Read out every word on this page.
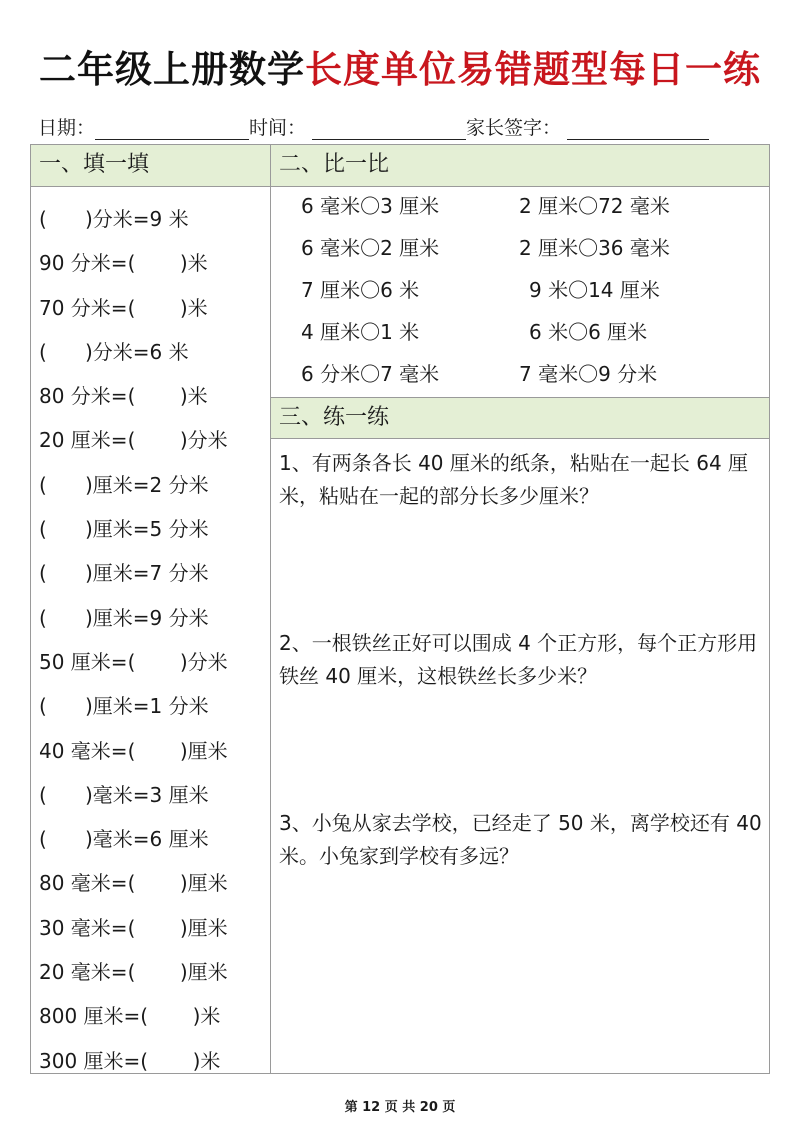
二年级上册数学长度单位易错题型每日一练
日期：	时间：	家长签字：
一、填一填
(      )分米=9 米
90 分米=(       )米
70 分米=(       )米
(      )分米=6 米
80 分米=(       )米
20 厘米=(       )分米
(      )厘米=2 分米
(      )厘米=5 分米
(      )厘米=7 分米
(      )厘米=9 分米
50 厘米=(       )分米
(      )厘米=1 分米
40 毫米=(       )厘米
(      )毫米=3 厘米
(      )毫米=6 厘米
80 毫米=(       )厘米
30 毫米=(       )厘米
20 毫米=(       )厘米
800 厘米=(       )米
300 厘米=(       )米
二、比一比
6 毫米〇3 厘米
6 毫米〇2 厘米
7 厘米〇6 米
4 厘米〇1 米
6 分米〇7 毫米
2 厘米〇72 毫米
2 厘米〇36 毫米
9 米〇14 厘米
6 米〇6 厘米
7 毫米〇9 分米
三、练一练
1、有两条各长 40 厘米的纸条，粘贴在一起长 64 厘米，粘贴在一起的部分长多少厘米？
2、一根铁丝正好可以围成 4 个正方形，每个正方形用铁丝 40 厘米，这根铁丝长多少米？
3、小兔从家去学校，已经走了 50 米，离学校还有 40 米。小兔家到学校有多远？
第 12 页 共 20 页
